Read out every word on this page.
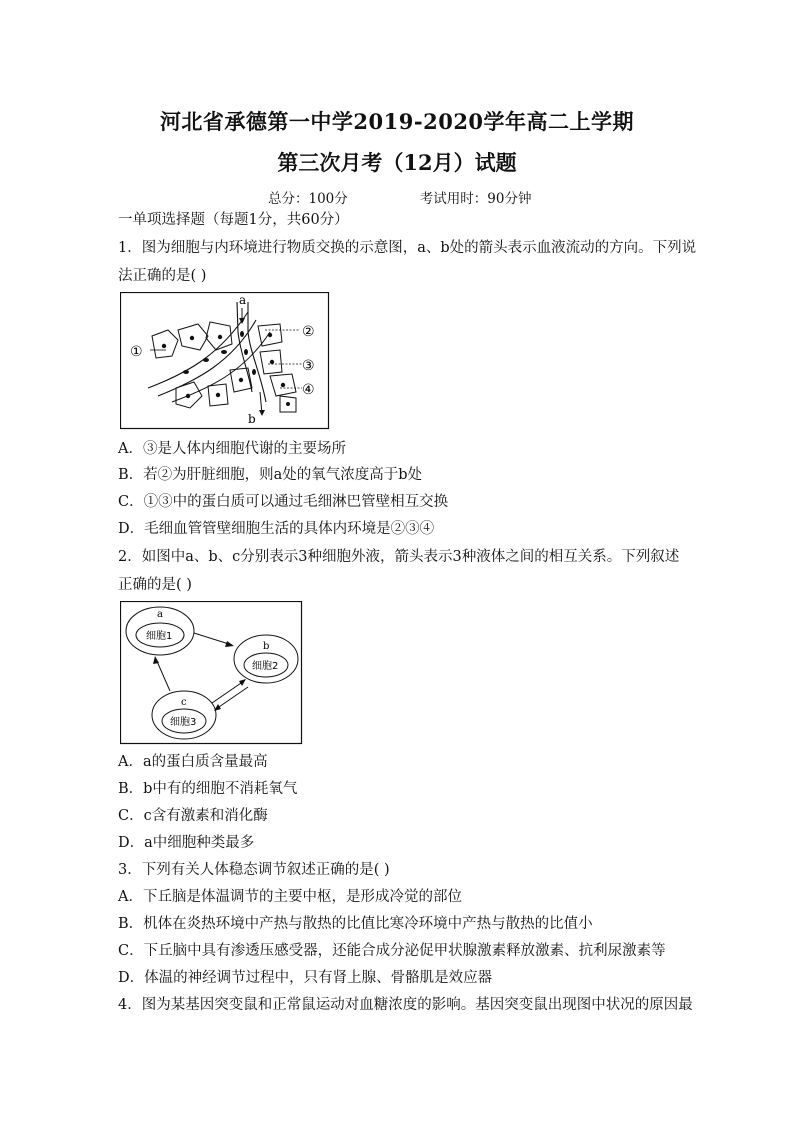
河北省承德第一中学2019-2020学年高二上学期
第三次月考（12月）试题
总分：100分	考试用时：90分钟
一单项选择题（每题1分，共60分）
1．图为细胞与内环境进行物质交换的示意图，a、b处的箭头表示血液流动的方向。下列说
法正确的是( )
a
b
①
②
③
④
A．③是人体内细胞代谢的主要场所
B．若②为肝脏细胞，则a处的氧气浓度高于b处
C．①③中的蛋白质可以通过毛细淋巴管壁相互交换
D．毛细血管管壁细胞生活的具体内环境是②③④
2．如图中a、b、c分别表示3种细胞外液，箭头表示3种液体之间的相互关系。下列叙述
正确的是( )
a
细胞1
b
细胞2
c
细胞3
A．a的蛋白质含量最高
B．b中有的细胞不消耗氧气
C．c含有激素和消化酶
D．a中细胞种类最多
3．下列有关人体稳态调节叙述正确的是( )
A．下丘脑是体温调节的主要中枢，是形成冷觉的部位
B．机体在炎热环境中产热与散热的比值比寒冷环境中产热与散热的比值小
C．下丘脑中具有渗透压感受器，还能合成分泌促甲状腺激素释放激素、抗利尿激素等
D．体温的神经调节过程中，只有肾上腺、骨骼肌是效应器
4．图为某基因突变鼠和正常鼠运动对血糖浓度的影响。基因突变鼠出现图中状况的原因最
